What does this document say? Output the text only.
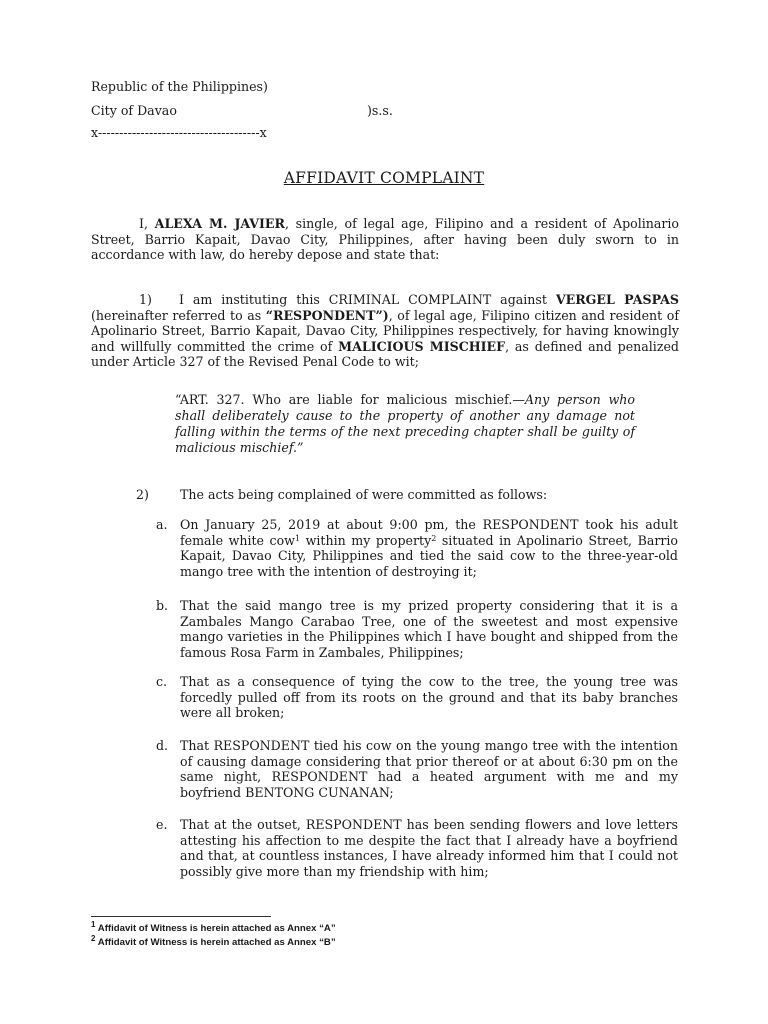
Republic of the Philippines)
City of Davao	)s.s.
x--------------------------------------x
AFFIDAVIT COMPLAINT
I, ALEXA M. JAVIER, single, of legal age, Filipino and a resident of Apolinario Street, Barrio Kapait, Davao City, Philippines, after having been duly sworn to in accordance with law, do hereby depose and state that:
1) I am instituting this CRIMINAL COMPLAINT against VERGEL PASPAS (hereinafter referred to as “RESPONDENT”), of legal age, Filipino citizen and resident of Apolinario Street, Barrio Kapait, Davao City, Philippines respectively, for having knowingly and willfully committed the crime of MALICIOUS MISCHIEF, as defined and penalized under Article 327 of the Revised Penal Code to wit;
“ART. 327. Who are liable for malicious mischief.—Any person who shall deliberately cause to the property of another any damage not falling within the terms of the next preceding chapter shall be guilty of malicious mischief.”
2) The acts being complained of were committed as follows:
a. On January 25, 2019 at about 9:00 pm, the RESPONDENT took his adult female white cow$^1$ within my property$^2$ situated in Apolinario Street, Barrio Kapait, Davao City, Philippines and tied the said cow to the three-year-old mango tree with the intention of destroying it;
b. That the said mango tree is my prized property considering that it is a Zambales Mango Carabao Tree, one of the sweetest and most expensive mango varieties in the Philippines which I have bought and shipped from the famous Rosa Farm in Zambales, Philippines;
c. That as a consequence of tying the cow to the tree, the young tree was forcedly pulled off from its roots on the ground and that its baby branches were all broken;
d. That RESPONDENT tied his cow on the young mango tree with the intention of causing damage considering that prior thereof or at about 6:30 pm on the same night, RESPONDENT had a heated argument with me and my boyfriend BENTONG CUNANAN;
e. That at the outset, RESPONDENT has been sending flowers and love letters attesting his affection to me despite the fact that I already have a boyfriend and that, at countless instances, I have already informed him that I could not possibly give more than my friendship with him;
$^1$ Affidavit of Witness is herein attached as Annex “A”
$^2$ Affidavit of Witness is herein attached as Annex “B”
